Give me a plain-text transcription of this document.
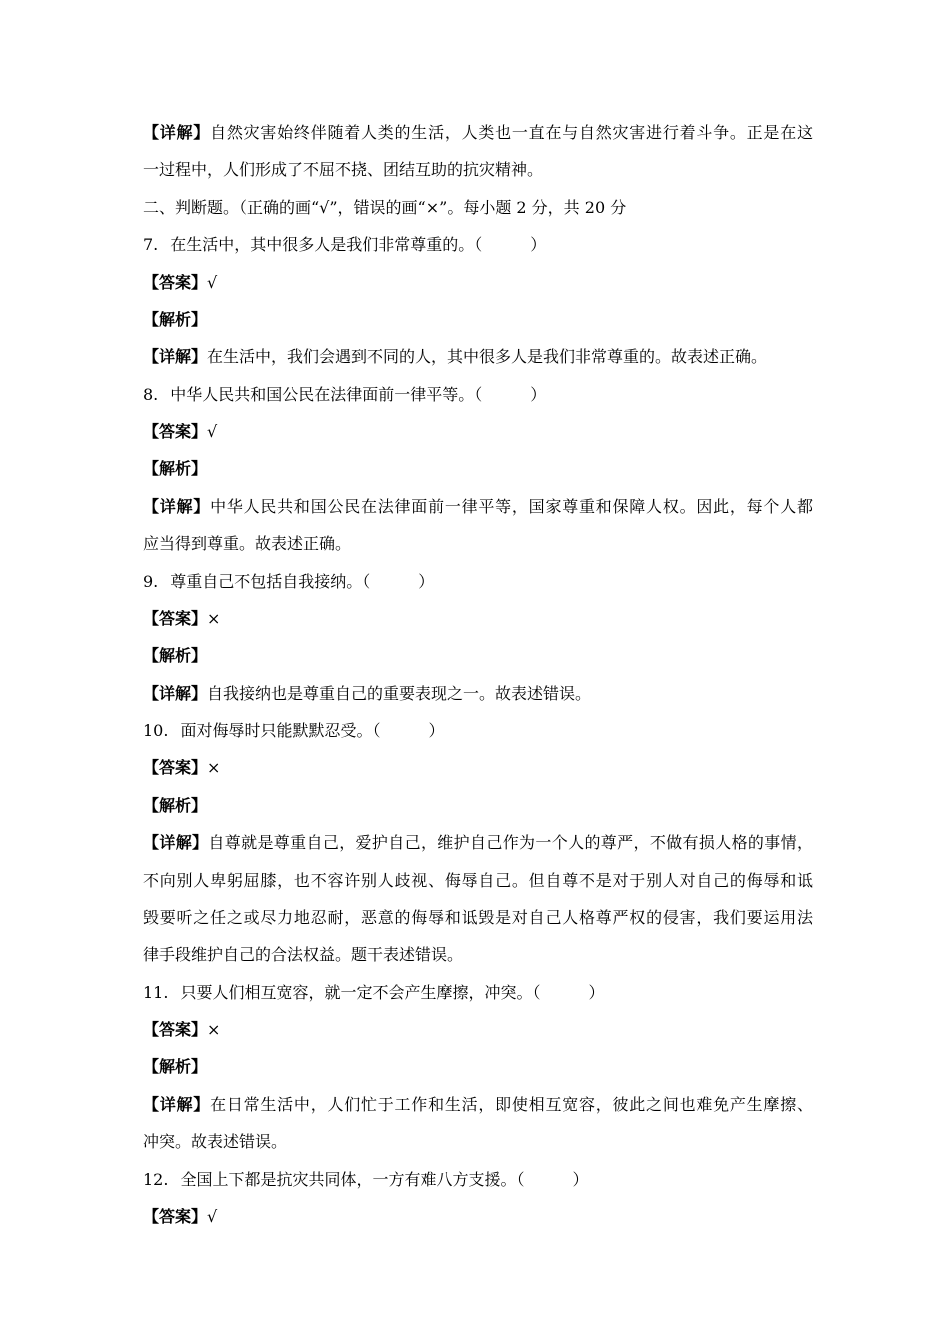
【详解】自然灾害始终伴随着人类的生活，人类也一直在与自然灾害进行着斗争。正是在这
一过程中，人们形成了不屈不挠、团结互助的抗灾精神。
二、判断题。（正确的画“√”，错误的画“×”。每小题 2 分，共 20 分
7. 在生活中，其中很多人是我们非常尊重的。（　　　）
【答案】√
【解析】
【详解】在生活中，我们会遇到不同的人，其中很多人是我们非常尊重的。故表述正确。
8. 中华人民共和国公民在法律面前一律平等。（　　　）
【答案】√
【解析】
【详解】中华人民共和国公民在法律面前一律平等，国家尊重和保障人权。因此，每个人都
应当得到尊重。故表述正确。
9. 尊重自己不包括自我接纳。（　　　）
【答案】×
【解析】
【详解】自我接纳也是尊重自己的重要表现之一。故表述错误。
10. 面对侮辱时只能默默忍受。（　　　）
【答案】×
【解析】
【详解】自尊就是尊重自己，爱护自己，维护自己作为一个人的尊严，不做有损人格的事情，
不向别人卑躬屈膝，也不容许别人歧视、侮辱自己。但自尊不是对于别人对自己的侮辱和诋
毁要听之任之或尽力地忍耐，恶意的侮辱和诋毁是对自己人格尊严权的侵害，我们要运用法
律手段维护自己的合法权益。题干表述错误。
11. 只要人们相互宽容，就一定不会产生摩擦，冲突。（　　　）
【答案】×
【解析】
【详解】在日常生活中，人们忙于工作和生活，即使相互宽容，彼此之间也难免产生摩擦、
冲突。故表述错误。
12. 全国上下都是抗灾共同体，一方有难八方支援。（　　　）
【答案】√
